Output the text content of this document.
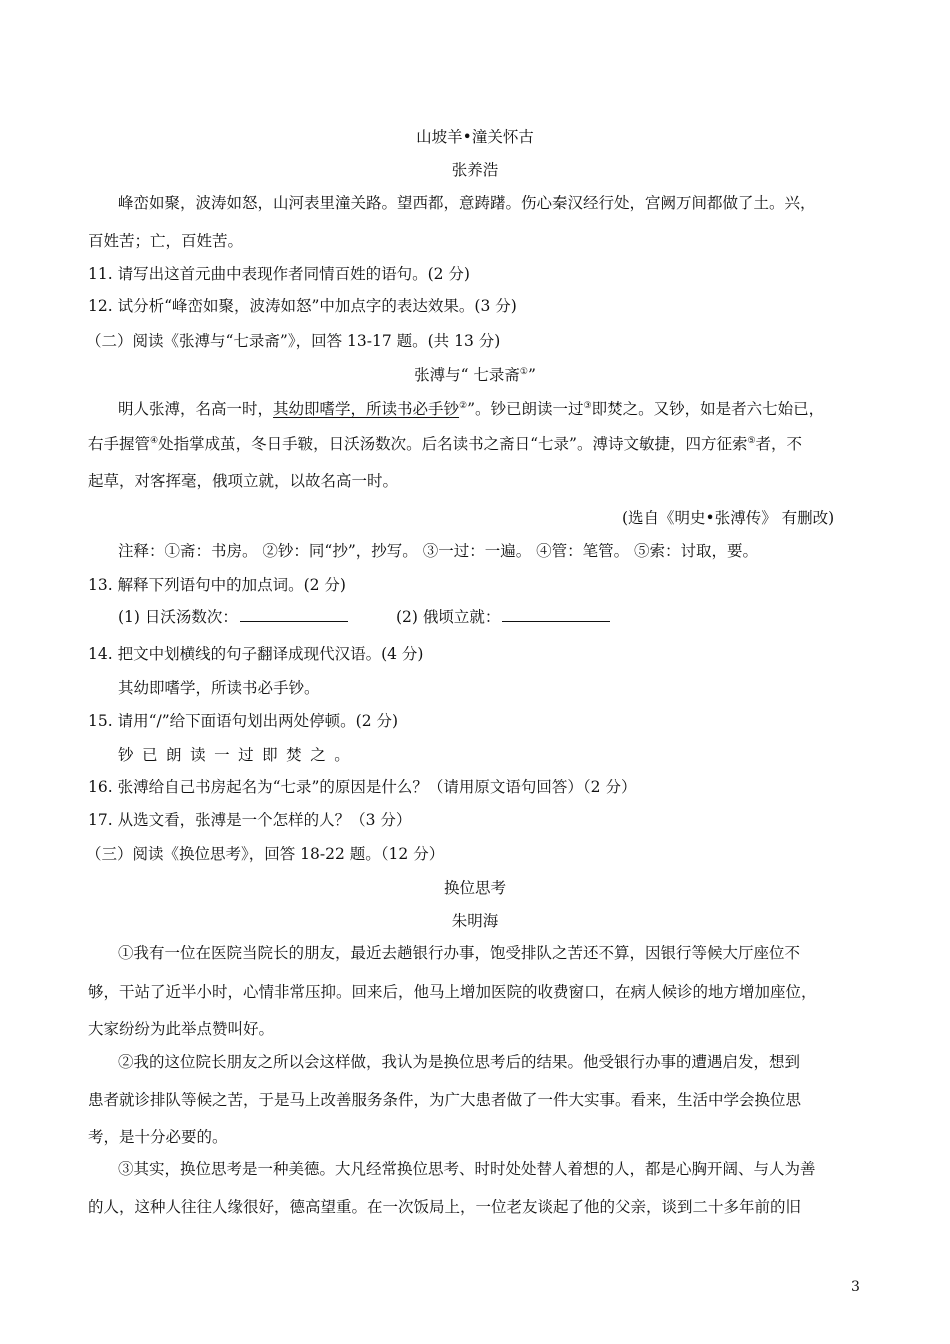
山坡羊•潼关怀古
张养浩
峰峦如聚，波涛如怒，山河表里潼关路。望西都，意踌躇。伤心秦汉经行处，宫阙万间都做了土。兴，
百姓苦；亡，百姓苦。
11. 请写出这首元曲中表现作者同情百姓的语句。(2 分)
12. 试分析“峰峦如聚，波涛如怒”中加点字的表达效果。(3 分)
（二）阅读《张溥与“七录斋”》，回答 13-17 题。(共 13 分)
张溥与“ 七录斋①”
明人张溥，名高一时，其幼即嗜学，所读书必手钞②”。钞已朗读一过③即焚之。又钞，如是者六七始已，
右手握管④处指掌成茧，冬日手皲，日沃汤数次。后名读书之斋日“七录”。溥诗文敏捷，四方征索⑤者，不
起草，对客挥毫，俄项立就，以故名高一时。
(选自《明史•张溥传》 有删改)
注释：①斋：书房。 ②钞：同“抄”，抄写。 ③一过：一遍。 ④管：笔管。 ⑤索：讨取，要。
13. 解释下列语句中的加点词。(2 分)
(1) 日沃汤数次：	(2) 俄顷立就：
14. 把文中划横线的句子翻译成现代汉语。(4 分)
其幼即嗜学，所读书必手钞。
15. 请用“/”给下面语句划出两处停顿。(2 分)
钞已朗读一过即焚之。
16. 张溥给自己书房起名为“七录”的原因是什么？（请用原文语句回答）（2 分）
17. 从选文看，张溥是一个怎样的人？（3 分）
（三）阅读《换位思考》，回答 18-22 题。（12 分）
换位思考
朱明海
①我有一位在医院当院长的朋友，最近去趟银行办事，饱受排队之苦还不算，因银行等候大厅座位不
够，干站了近半小时，心情非常压抑。回来后，他马上增加医院的收费窗口，在病人候诊的地方增加座位，
大家纷纷为此举点赞叫好。
②我的这位院长朋友之所以会这样做，我认为是换位思考后的结果。他受银行办事的遭遇启发，想到
患者就诊排队等候之苦，于是马上改善服务条件，为广大患者做了一件大实事。看来，生活中学会换位思
考，是十分必要的。
③其实，换位思考是一种美德。大凡经常换位思考、时时处处替人着想的人，都是心胸开阔、与人为善
的人，这种人往往人缘很好，德高望重。在一次饭局上，一位老友谈起了他的父亲，谈到二十多年前的旧
3
